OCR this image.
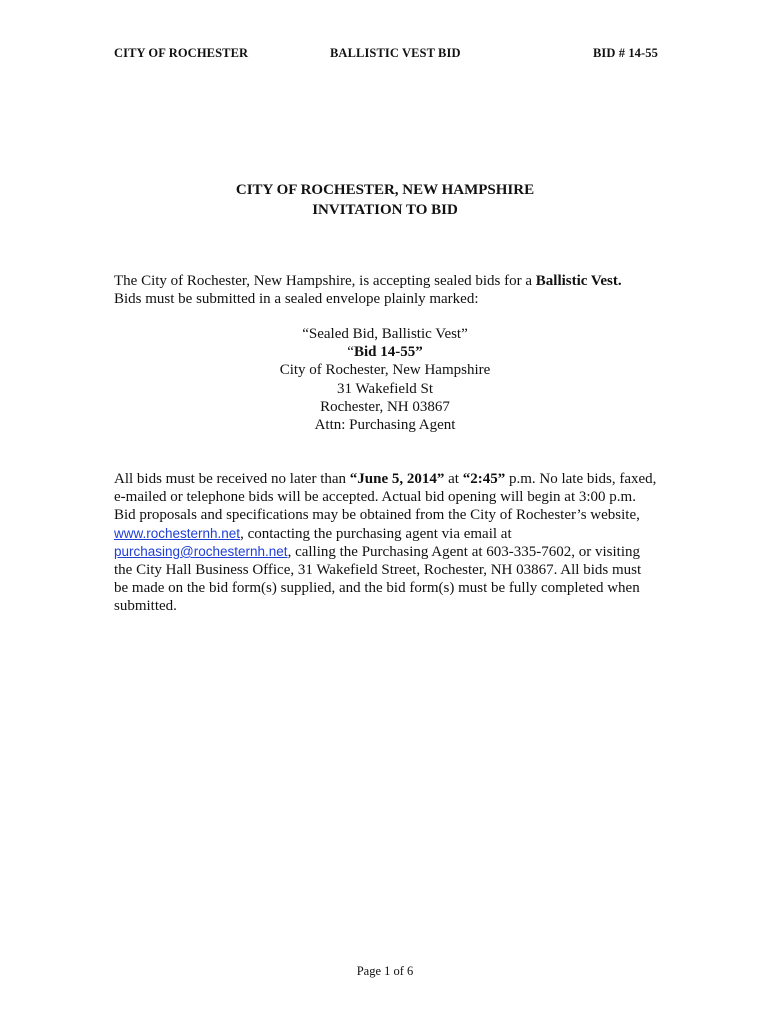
CITY OF ROCHESTER	BALLISTIC VEST BID	BID # 14-55
CITY OF ROCHESTER, NEW HAMPSHIRE
INVITATION TO BID
The City of Rochester, New Hampshire, is accepting sealed bids for a Ballistic Vest.
Bids must be submitted in a sealed envelope plainly marked:
“Sealed Bid, Ballistic Vest”
“Bid 14-55”
City of Rochester, New Hampshire
31 Wakefield St
Rochester, NH 03867
Attn: Purchasing Agent
All bids must be received no later than “June 5, 2014” at “2:45” p.m. No late bids, faxed, e-mailed or telephone bids will be accepted. Actual bid opening will begin at 3:00 p.m. Bid proposals and specifications may be obtained from the City of Rochester’s website, www.rochesternh.net, contacting the purchasing agent via email at purchasing@rochesternh.net, calling the Purchasing Agent at 603-335-7602, or visiting the City Hall Business Office, 31 Wakefield Street, Rochester, NH 03867. All bids must be made on the bid form(s) supplied, and the bid form(s) must be fully completed when submitted.
Page 1 of 6
